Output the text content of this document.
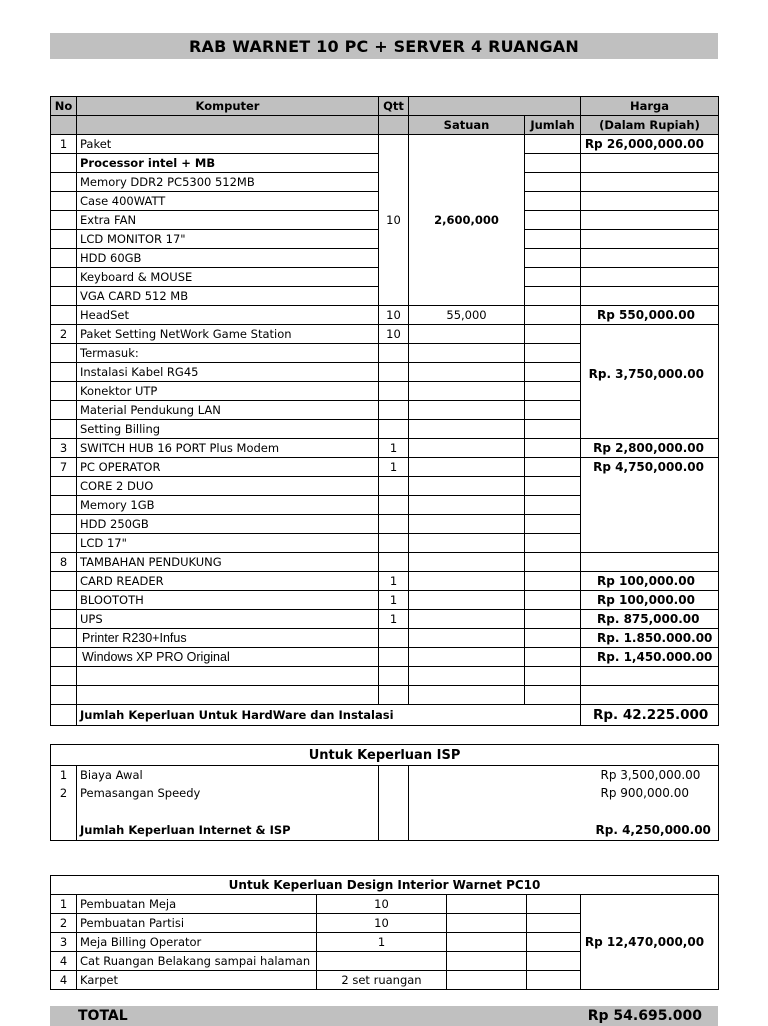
RAB WARNET 10 PC + SERVER 4 RUANGAN
No	Komputer	Qtt			Harga
			Satuan	Jumlah	(Dalam Rupiah)
1	Paket	10	2,600,000		Rp 26,000,000.00
	Processor intel + MB				
	Memory DDR2 PC5300 512MB				
	Case 400WATT				
	Extra FAN				
	LCD MONITOR 17"				
	HDD 60GB				
	Keyboard & MOUSE				
	VGA CARD 512 MB				
	HeadSet	10	55,000		Rp 550,000.00
2	Paket Setting NetWork Game Station	10			Rp. 3,750,000.00
	Termasuk:				
	Instalasi Kabel RG45				
	Konektor UTP				
	Material Pendukung LAN				
	Setting Billing				
3	SWITCH HUB 16 PORT Plus Modem	1			Rp 2,800,000.00
7	PC OPERATOR	1			Rp 4,750,000.00
	CORE 2 DUO				
	Memory 1GB				
	HDD 250GB				
	LCD 17"				
8	TAMBAHAN PENDUKUNG				
	CARD READER	1			Rp 100,000.00
	BLOOTOTH	1			Rp 100,000.00
	UPS	1			Rp. 875,000.00
	Printer R230+Infus				Rp. 1.850.000.00
	Windows XP PRO Original				Rp. 1,450.000.00

	Jumlah Keperluan Untuk HardWare dan Instalasi				Rp. 42.225.000
Untuk Keperluan ISP				
1	Biaya Awal			Rp 3,500,000.00
2	Pemasangan Speedy			Rp 900,000.00

	Jumlah Keperluan Internet & ISP			Rp. 4,250,000.00
Untuk Keperluan Design Interior Warnet PC10					
1	Pembuatan Meja	10			Rp 12,470,000,00
2	Pembuatan Partisi	10			
3	Meja Billing Operator	1			
4	Cat Ruangan Belakang sampai halaman				
4	Karpet	2 set ruangan			
TOTAL	Rp 54.695.000
